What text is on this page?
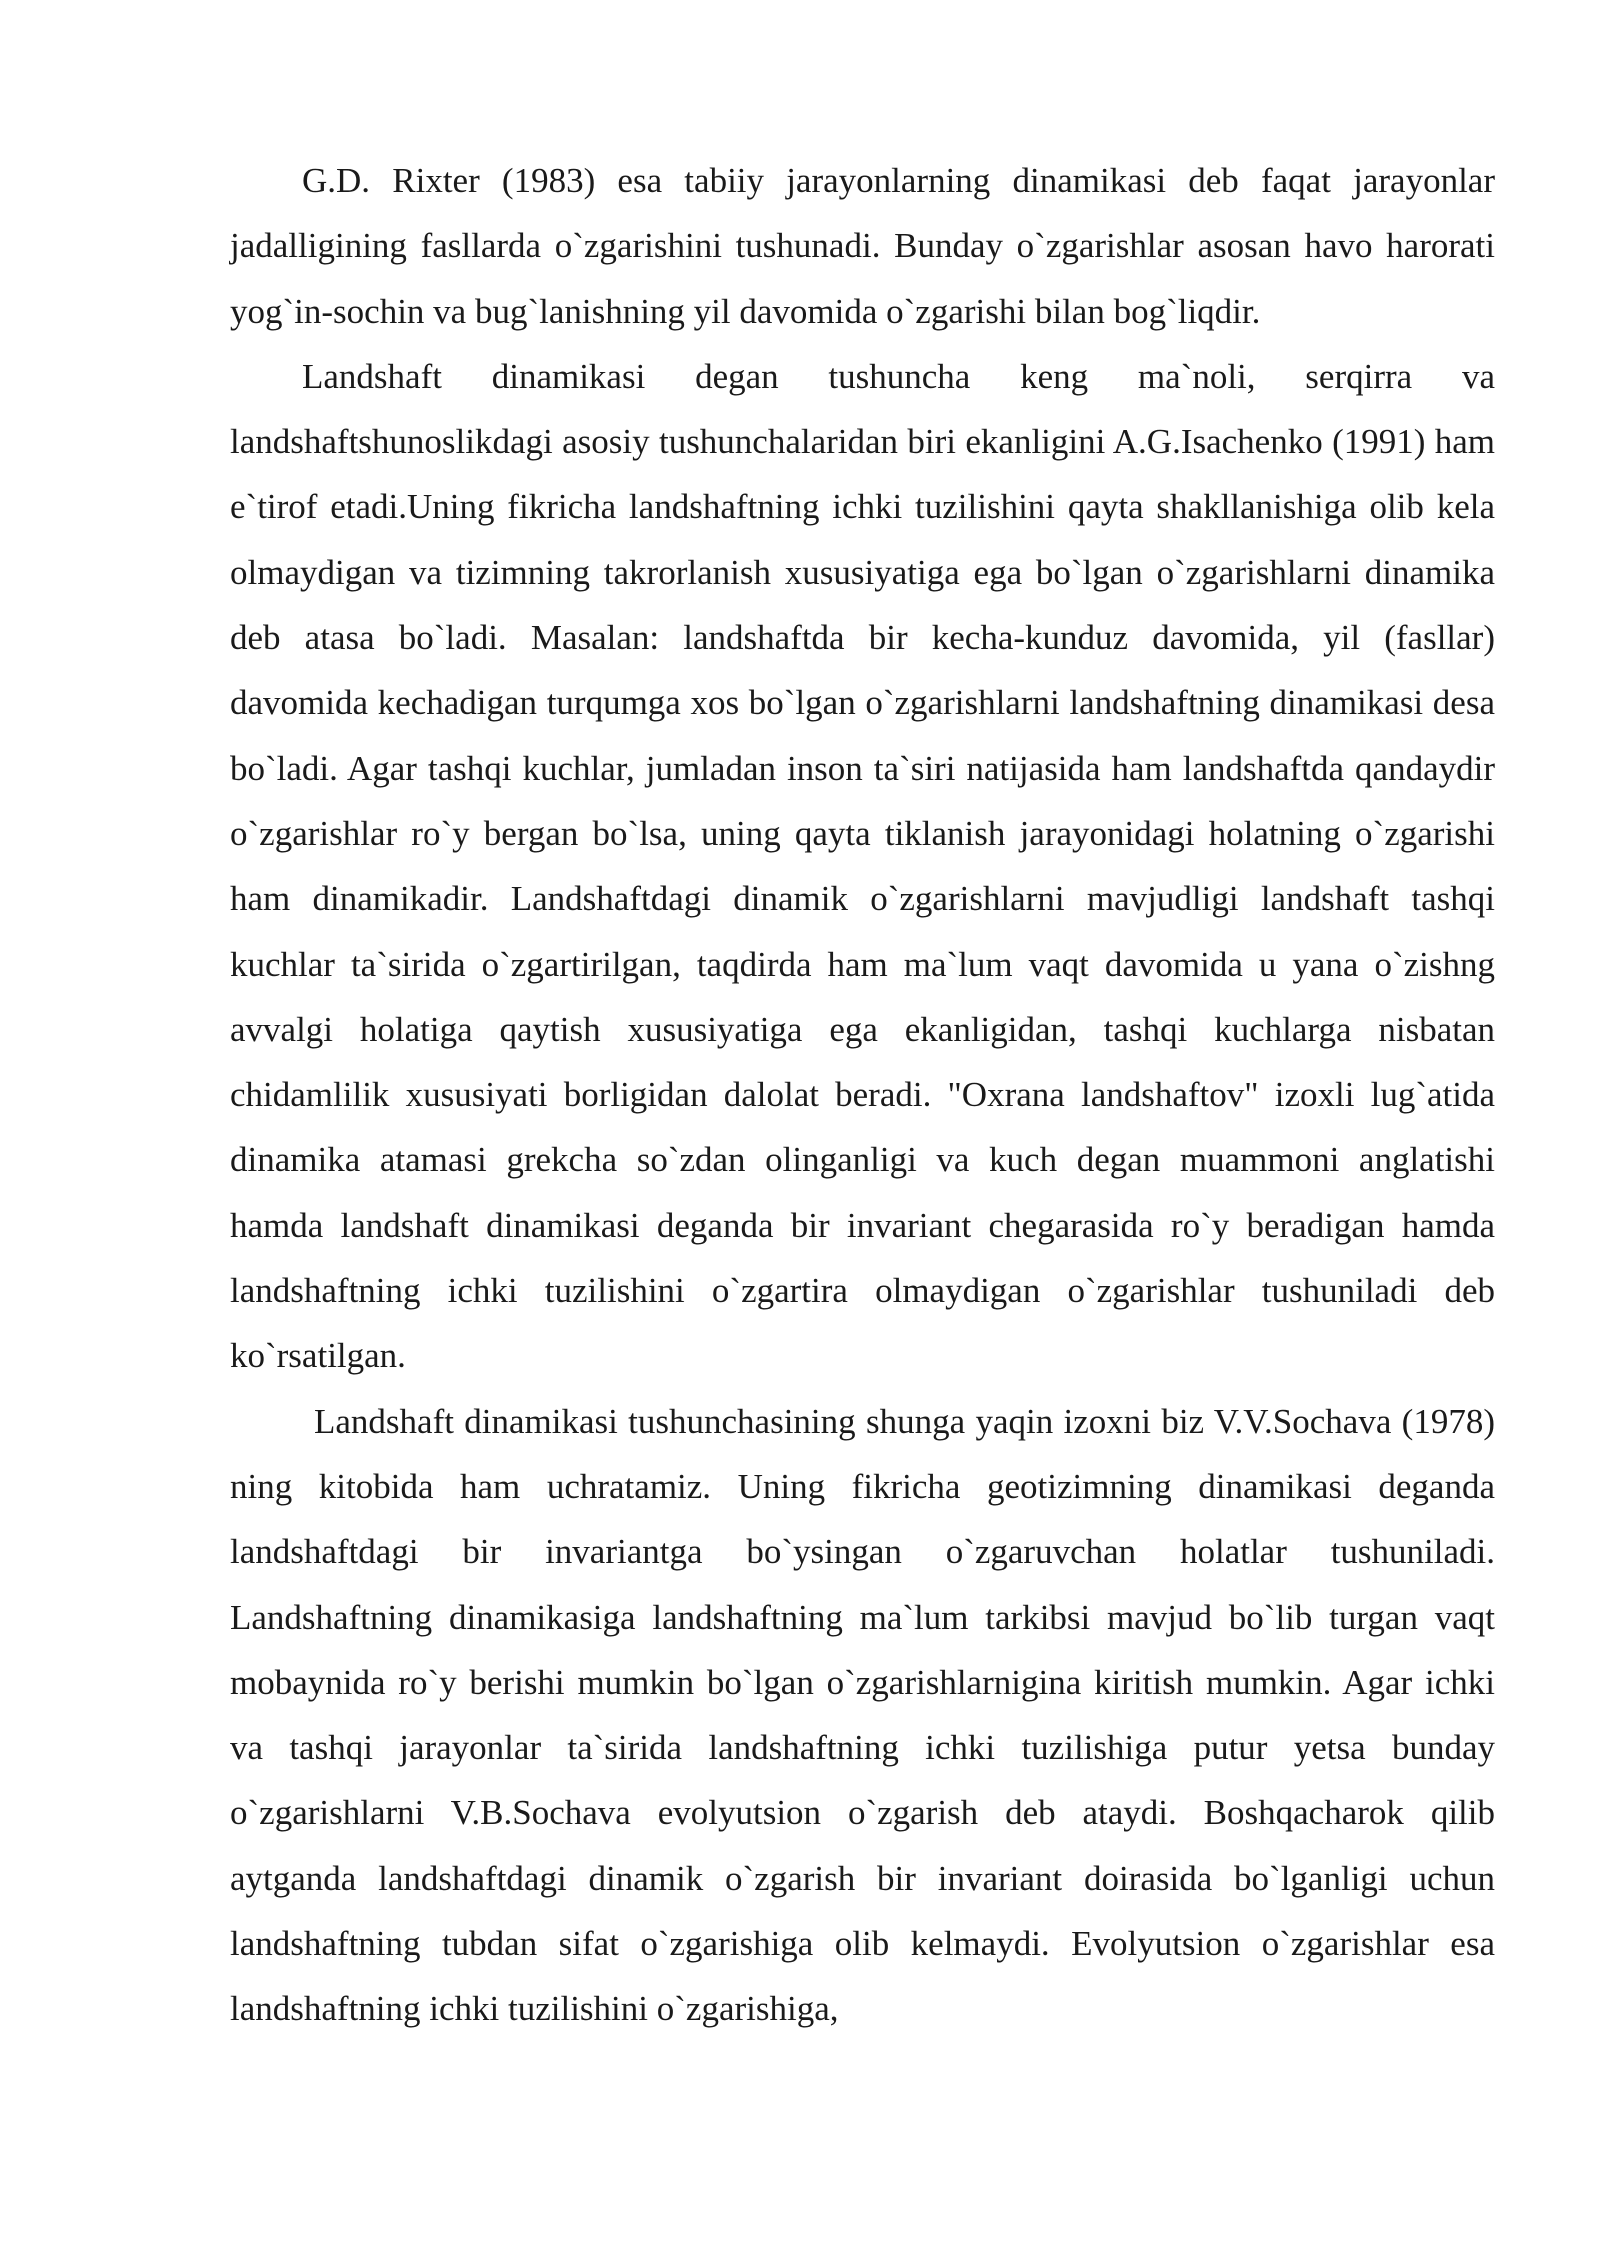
G.D. Rixter (1983) esa tabiiy jarayonlarning dinamikasi deb faqat jarayonlar jadalligining fasllarda o`zgarishini tushunadi. Bunday o`zgarishlar asosan havo harorati yog`in-sochin va bug`lanishning yil davomida o`zgarishi bilan bog`liqdir.

Landshaft dinamikasi degan tushuncha keng ma`noli, serqirra va landshaftshunoslikdagi asosiy tushunchalaridan biri ekanligini A.G.Isachenko (1991) ham e`tirof etadi.Uning fikricha landshaftning ichki tuzilishini qayta shakllanishiga olib kela olmaydigan va tizimning takrorlanish xususiyatiga ega bo`lgan o`zgarishlarni dinamika deb atasa bo`ladi. Masalan: landshaftda bir kecha-kunduz davomida, yil (fasllar) davomida kechadigan turqumga xos bo`lgan o`zgarishlarni landshaftning dinamikasi desa bo`ladi. Agar tashqi kuchlar, jumladan inson ta`siri natijasida ham landshaftda qandaydir o`zgarishlar ro`y bergan bo`lsa, uning qayta tiklanish jarayonidagi holatning o`zgarishi ham dinamikadir. Landshaftdagi dinamik o`zgarishlarni mavjudligi landshaft tashqi kuchlar ta`sirida o`zgartirilgan, taqdirda ham ma`lum vaqt davomida u yana o`zishng avvalgi holatiga qaytish xususiyatiga ega ekanligidan, tashqi kuchlarga nisbatan chidamlilik xususiyati borligidan dalolat beradi. "Oxrana landshaftov" izoxli lug`atida dinamika atamasi grekcha so`zdan olinganligi va kuch degan muammoni anglatishi hamda landshaft dinamikasi deganda bir invariant chegarasida ro`y beradigan hamda landshaftning ichki tuzilishini o`zgartira olmaydigan o`zgarishlar tushuniladi deb ko`rsatilgan.

Landshaft dinamikasi tushunchasining shunga yaqin izoxni biz V.V.Sochava (1978) ning kitobida ham uchratamiz. Uning fikricha geotizimning dinamikasi deganda landshaftdagi bir invariantga bo`ysingan o`zgaruvchan holatlar tushuniladi. Landshaftning dinamikasiga landshaftning ma`lum tarkibsi mavjud bo`lib turgan vaqt mobaynida ro`y berishi mumkin bo`lgan o`zgarishlarnigina kiritish mumkin. Agar ichki va tashqi jarayonlar ta`sirida landshaftning ichki tuzilishiga putur yetsa bunday o`zgarishlarni V.B.Sochava evolyutsion o`zgarish deb ataydi. Boshqacharok qilib aytganda landshaftdagi dinamik o`zgarish bir invariant doirasida bo`lganligi uchun landshaftning tubdan sifat o`zgarishiga olib kelmaydi. Evolyutsion o`zgarishlar esa landshaftning ichki tuzilishini o`zgarishiga,
